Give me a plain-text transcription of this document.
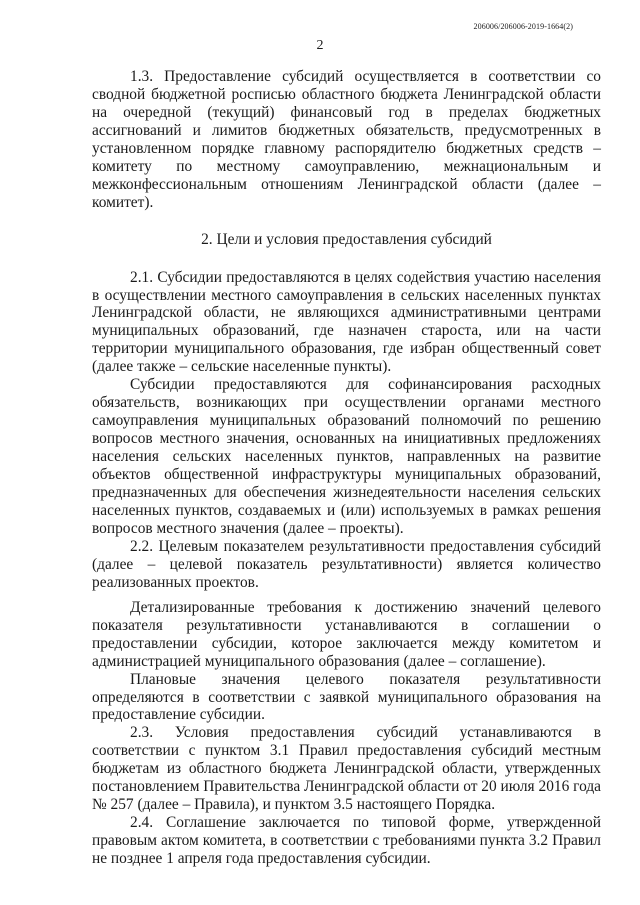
206006/206006-2019-1664(2)
2

1.3. Предоставление субсидий осуществляется в соответствии со сводной бюджетной росписью областного бюджета Ленинградской области на очередной (текущий) финансовый год в пределах бюджетных ассигнований и лимитов бюджетных обязательств, предусмотренных в установленном порядке главному распорядителю бюджетных средств – комитету по местному самоуправлению, межнациональным и межконфессиональным отношениям Ленинградской области (далее – комитет).

2. Цели и условия предоставления субсидий

2.1. Субсидии предоставляются в целях содействия участию населения в осуществлении местного самоуправления в сельских населенных пунктах Ленинградской области, не являющихся административными центрами муниципальных образований, где назначен староста, или на части территории муниципального образования, где избран общественный совет (далее также – сельские населенные пункты).

Субсидии предоставляются для софинансирования расходных обязательств, возникающих при осуществлении органами местного самоуправления муниципальных образований полномочий по решению вопросов местного значения, основанных на инициативных предложениях населения сельских населенных пунктов, направленных на развитие объектов общественной инфраструктуры муниципальных образований, предназначенных для обеспечения жизнедеятельности населения сельских населенных пунктов, создаваемых и (или) используемых в рамках решения вопросов местного значения (далее – проекты).

2.2. Целевым показателем результативности предоставления субсидий (далее – целевой показатель результативности) является количество реализованных проектов.

Детализированные требования к достижению значений целевого показателя результативности устанавливаются в соглашении о предоставлении субсидии, которое заключается между комитетом и администрацией муниципального образования (далее – соглашение).

Плановые значения целевого показателя результативности определяются в соответствии с заявкой муниципального образования на предоставление субсидии.

2.3. Условия предоставления субсидий устанавливаются в соответствии с пунктом 3.1 Правил предоставления субсидий местным бюджетам из областного бюджета Ленинградской области, утвержденных постановлением Правительства Ленинградской области от 20 июля 2016 года № 257 (далее – Правила), и пунктом 3.5 настоящего Порядка.

2.4. Соглашение заключается по типовой форме, утвержденной правовым актом комитета, в соответствии с требованиями пункта 3.2 Правил не позднее 1 апреля года предоставления субсидии.
